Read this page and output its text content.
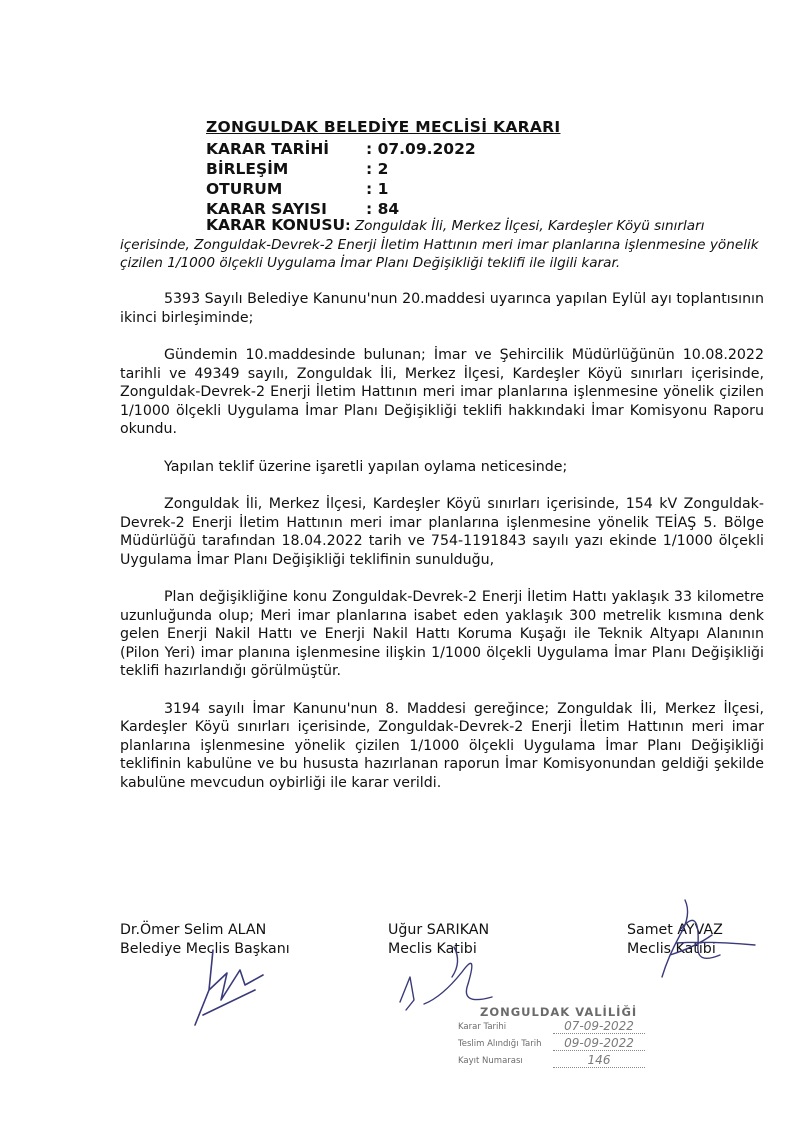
ZONGULDAK BELEDİYE MECLİSİ KARARI
KARAR TARİHİ : 07.09.2022
BİRLEŞİM	: 2
OTURUM	: 1
KARAR SAYISI	: 84
KARAR KONUSU: Zonguldak İli, Merkez İlçesi, Kardeşler Köyü sınırları içerisinde, Zonguldak-Devrek-2 Enerji İletim Hattının meri imar planlarına işlenmesine yönelik çizilen 1/1000 ölçekli Uygulama İmar Planı Değişikliği teklifi ile ilgili karar.

5393 Sayılı Belediye Kanunu'nun 20.maddesi uyarınca yapılan Eylül ayı toplantısının ikinci birleşiminde;

Gündemin 10.maddesinde bulunan; İmar ve Şehircilik Müdürlüğünün 10.08.2022 tarihli ve 49349 sayılı, Zonguldak İli, Merkez İlçesi, Kardeşler Köyü sınırları içerisinde, Zonguldak-Devrek-2 Enerji İletim Hattının meri imar planlarına işlenmesine yönelik çizilen 1/1000 ölçekli Uygulama İmar Planı Değişikliği teklifi hakkındaki İmar Komisyonu Raporu okundu.

Yapılan teklif üzerine işaretli yapılan oylama neticesinde;

Zonguldak İli, Merkez İlçesi, Kardeşler Köyü sınırları içerisinde, 154 kV Zonguldak-Devrek-2 Enerji İletim Hattının meri imar planlarına işlenmesine yönelik TEİAŞ 5. Bölge Müdürlüğü tarafından 18.04.2022 tarih ve 754-1191843 sayılı yazı ekinde 1/1000 ölçekli Uygulama İmar Planı Değişikliği teklifinin sunulduğu,

Plan değişikliğine konu Zonguldak-Devrek-2 Enerji İletim Hattı yaklaşık 33 kilometre uzunluğunda olup; Meri imar planlarına isabet eden yaklaşık 300 metrelik kısmına denk gelen Enerji Nakil Hattı ve Enerji Nakil Hattı Koruma Kuşağı ile Teknik Altyapı Alanının (Pilon Yeri) imar planına işlenmesine ilişkin 1/1000 ölçekli Uygulama İmar Planı Değişikliği teklifi hazırlandığı görülmüştür.

3194 sayılı İmar Kanunu'nun 8. Maddesi gereğince; Zonguldak İli, Merkez İlçesi, Kardeşler Köyü sınırları içerisinde, Zonguldak-Devrek-2 Enerji İletim Hattının meri imar planlarına işlenmesine yönelik çizilen 1/1000 ölçekli Uygulama İmar Planı Değişikliği teklifinin kabulüne ve bu hususta hazırlanan raporun İmar Komisyonundan geldiği şekilde kabulüne mevcudun oybirliği ile karar verildi.

Dr.Ömer Selim ALAN
Belediye Meclis Başkanı
Uğur SARIKAN
Meclis Katibi
Samet AYVAZ
Meclis Katibi
ZONGULDAK VALİLİĞİ
Karar Tarihi	07-09-2022
Teslim Alındığı Tarih	09-09-2022
Kayıt Numarası	146
